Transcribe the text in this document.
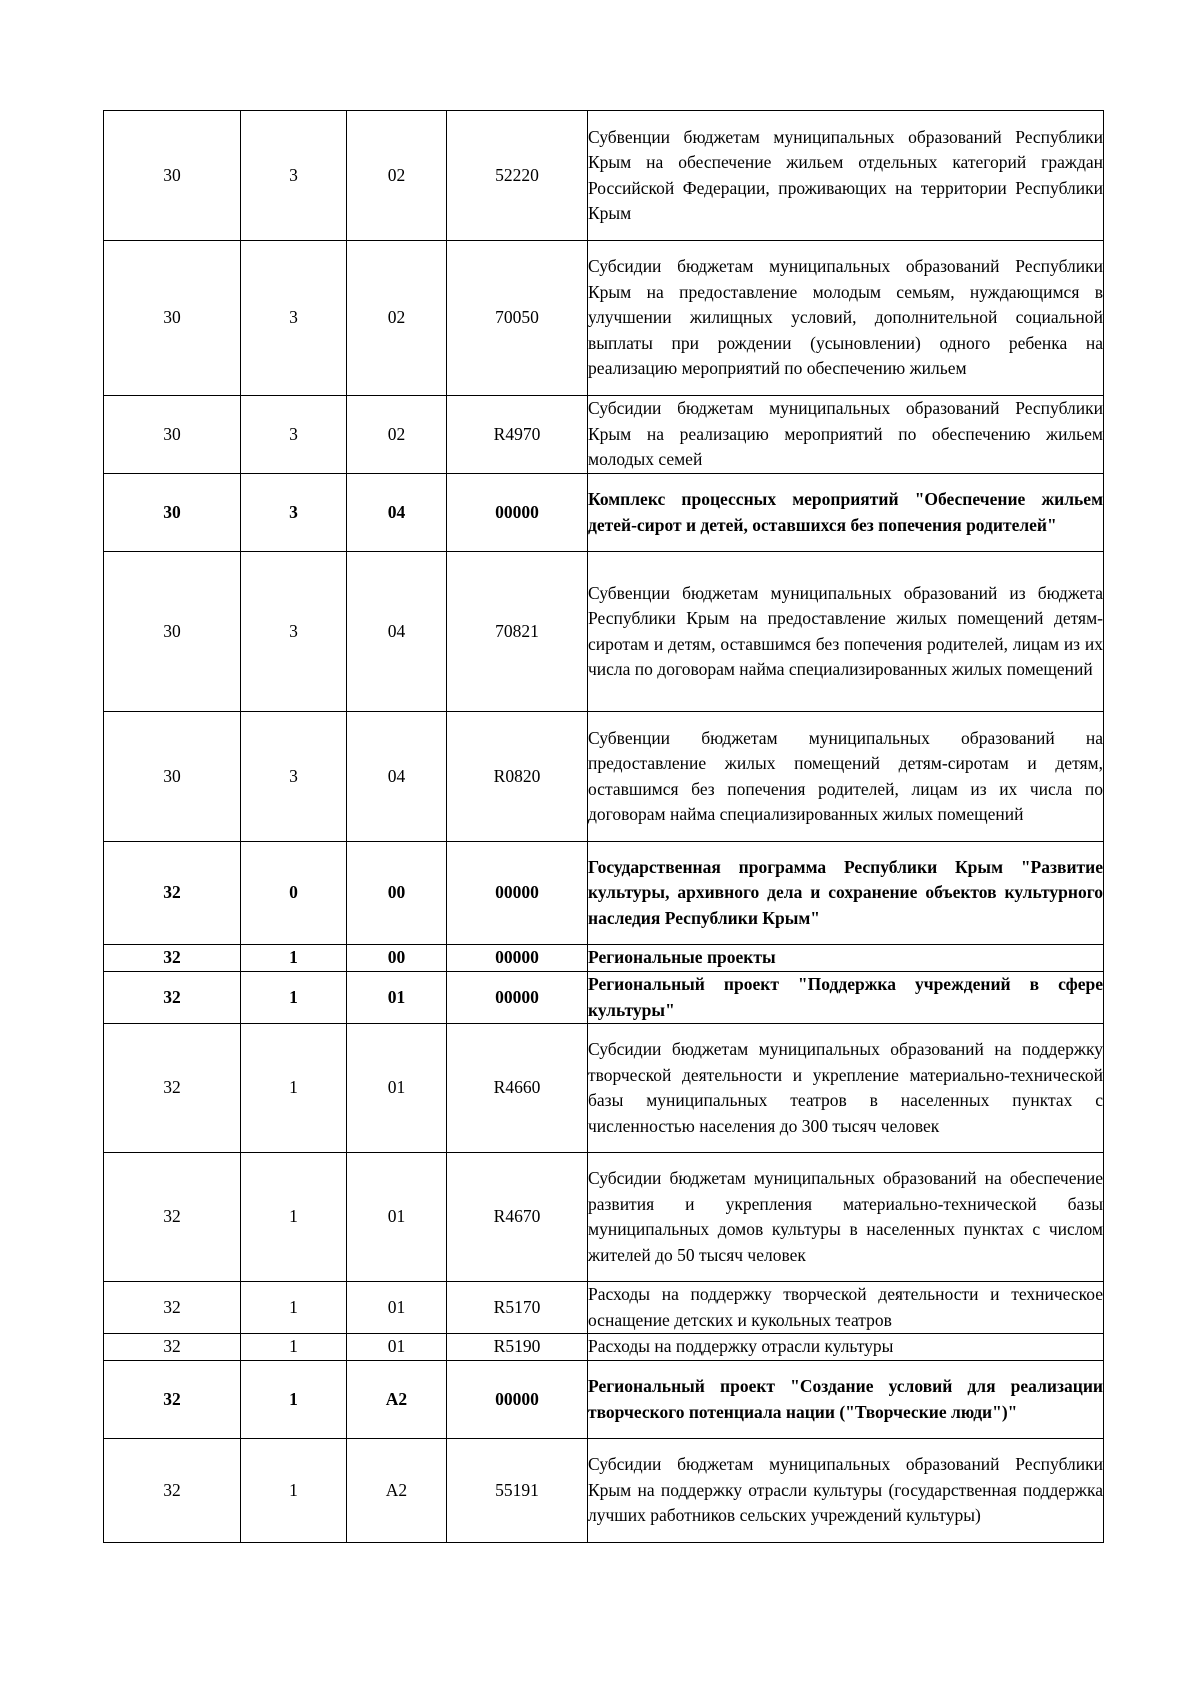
30	3	02	52220	Субвенции бюджетам муниципальных образований Республики Крым на обеспечение жильем отдельных категорий граждан Российской Федерации, проживающих на территории Республики Крым
30	3	02	70050	Субсидии бюджетам муниципальных образований Республики Крым на предоставление молодым семьям, нуждающимся в улучшении жилищных условий, дополнительной социальной выплаты при рождении (усыновлении) одного ребенка на реализацию мероприятий по обеспечению жильем
30	3	02	R4970	Субсидии бюджетам муниципальных образований Республики Крым на реализацию мероприятий по обеспечению жильем молодых семей
30	3	04	00000	Комплекс процессных мероприятий "Обеспечение жильем детей-сирот и детей, оставшихся без попечения родителей"
30	3	04	70821	Субвенции бюджетам муниципальных образований из бюджета Республики Крым на предоставление жилых помещений детям-сиротам и детям, оставшимся без попечения родителей, лицам из их числа по договорам найма специализированных жилых помещений
30	3	04	R0820	Субвенции бюджетам муниципальных образований на предоставление жилых помещений детям-сиротам и детям, оставшимся без попечения родителей, лицам из их числа по договорам найма специализированных жилых помещений
32	0	00	00000	Государственная программа Республики Крым "Развитие культуры, архивного дела и сохранение объектов культурного наследия Республики Крым"
32	1	00	00000	Региональные проекты
32	1	01	00000	Региональный проект "Поддержка учреждений в сфере культуры"
32	1	01	R4660	Субсидии бюджетам муниципальных образований на поддержку творческой деятельности и укрепление материально-технической базы муниципальных театров в населенных пунктах с численностью населения до 300 тысяч человек
32	1	01	R4670	Субсидии бюджетам муниципальных образований на обеспечение развития и укрепления материально-технической базы муниципальных домов культуры в населенных пунктах с числом жителей до 50 тысяч человек
32	1	01	R5170	Расходы на поддержку творческой деятельности и техническое оснащение детских и кукольных театров
32	1	01	R5190	Расходы на поддержку отрасли культуры
32	1	A2	00000	Региональный проект "Создание условий для реализации творческого потенциала нации ("Творческие люди")"
32	1	A2	55191	Субсидии бюджетам муниципальных образований Республики Крым на поддержку отрасли культуры (государственная поддержка лучших работников сельских учреждений культуры)
